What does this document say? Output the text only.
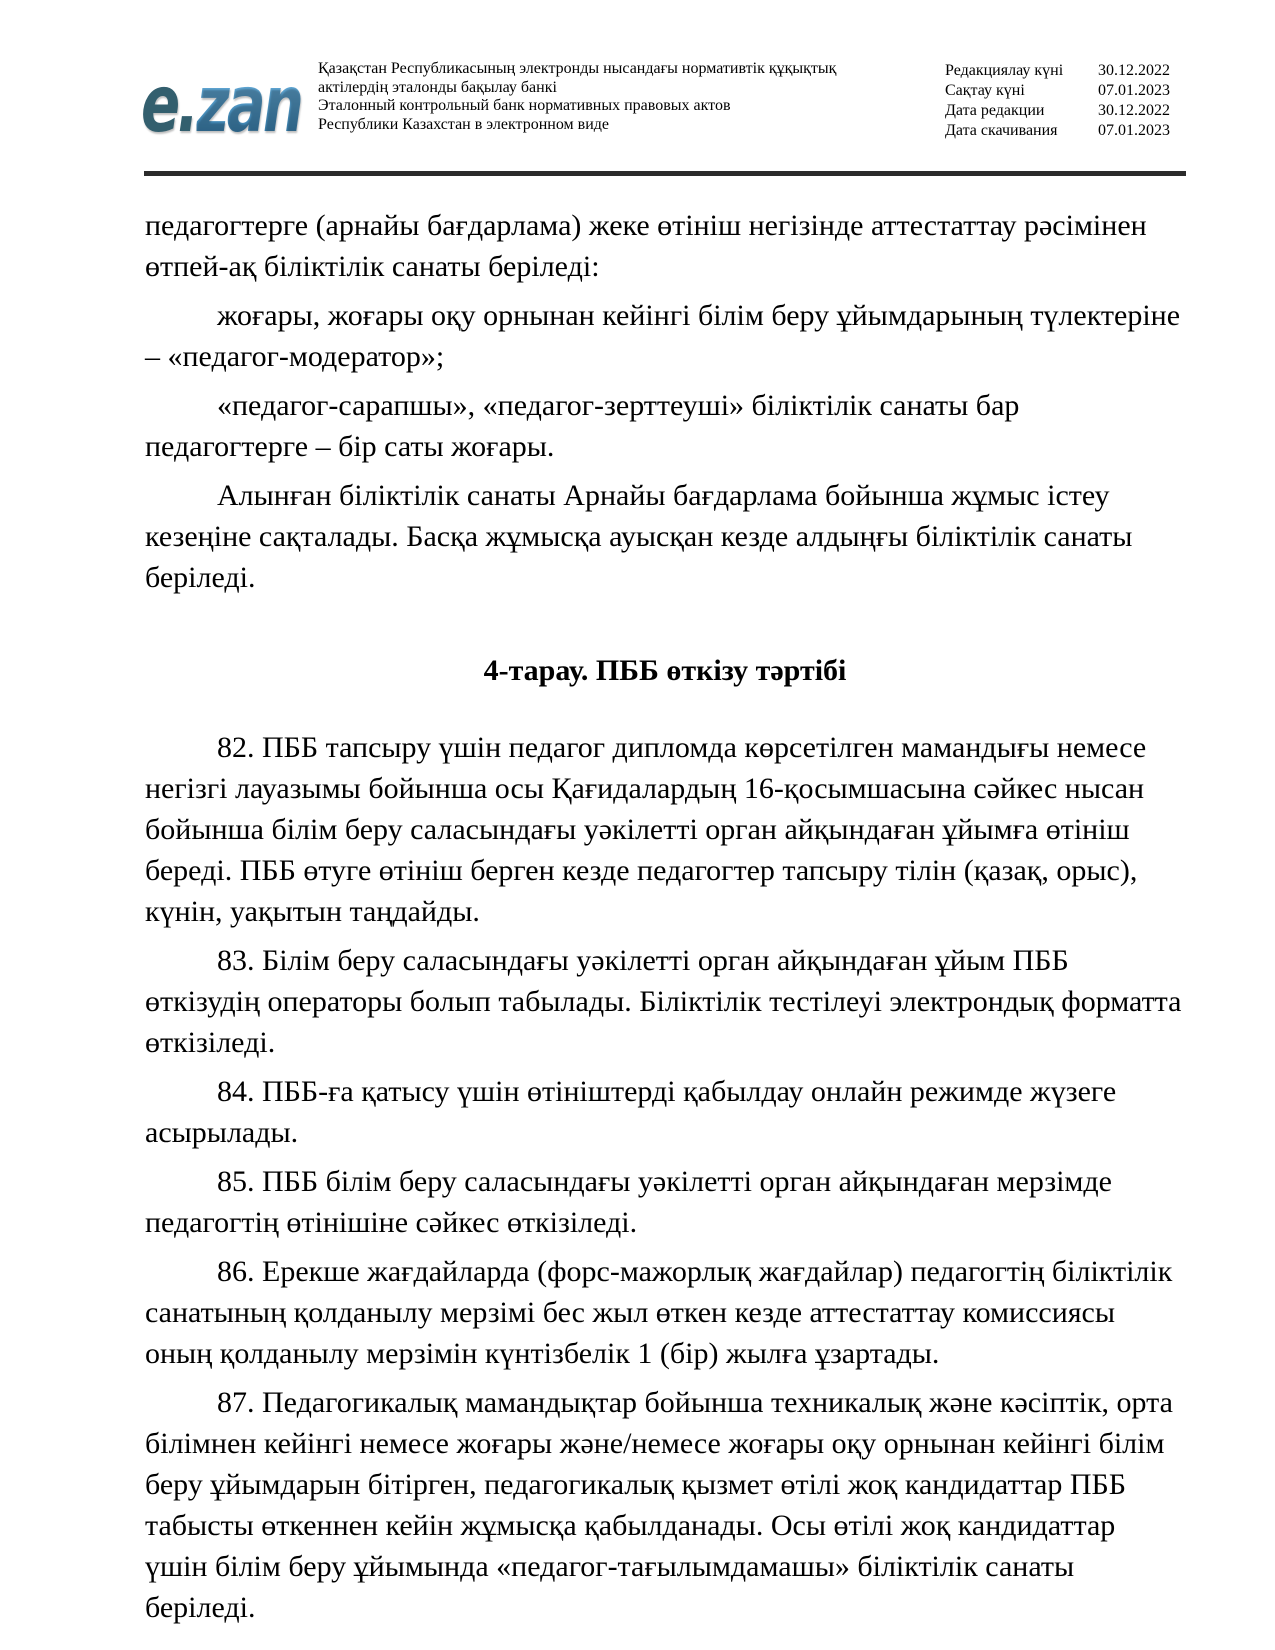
e. zan Қазақстан Республикасының электронды нысандағы нормативтік құқықтық
актілердің эталонды бақылау банкі
Эталонный контрольный банк нормативных правовых актов
Республики Казахстан в электронном виде
Редакциялау күні	30.12.2022
Сақтау күні	07.01.2023
Дата редакции	30.12.2022
Дата скачивания	07.01.2023
педагогтерге (арнайы бағдарлама) жеке өтініш негізінде аттестаттау рәсімінен өтпей-ақ біліктілік санаты беріледі:
жоғары, жоғары оқу орнынан кейінгі білім беру ұйымдарының түлектеріне – «педагог-модератор»;
«педагог-сарапшы», «педагог-зерттеуші» біліктілік санаты бар педагогтерге – бір саты жоғары.
Алынған біліктілік санаты Арнайы бағдарлама бойынша жұмыс істеу кезеңіне сақталады. Басқа жұмысқа ауысқан кезде алдыңғы біліктілік санаты беріледі.
4-тарау. ПББ өткізу тәртібі
82. ПББ тапсыру үшін педагог дипломда көрсетілген мамандығы немесе негізгі лауазымы бойынша осы Қағидалардың 16-қосымшасына сәйкес нысан бойынша білім беру саласындағы уәкілетті орган айқындаған ұйымға өтініш береді. ПББ өтуге өтініш берген кезде педагогтер тапсыру тілін (қазақ, орыс), күнін, уақытын таңдайды.
83. Білім беру саласындағы уәкілетті орган айқындаған ұйым ПББ өткізудің операторы болып табылады. Біліктілік тестілеуі электрондық форматта өткізіледі.
84. ПББ-ға қатысу үшін өтініштерді қабылдау онлайн режимде жүзеге асырылады.
85. ПББ білім беру саласындағы уәкілетті орган айқындаған мерзімде педагогтің өтінішіне сәйкес өткізіледі.
86. Ерекше жағдайларда (форс-мажорлық жағдайлар) педагогтің біліктілік санатының қолданылу мерзімі бес жыл өткен кезде аттестаттау комиссиясы оның қолданылу мерзімін күнтізбелік 1 (бір) жылға ұзартады.
87. Педагогикалық мамандықтар бойынша техникалық және кәсіптік, орта білімнен кейінгі немесе жоғары және/немесе жоғары оқу орнынан кейінгі білім беру ұйымдарын бітірген, педагогикалық қызмет өтілі жоқ кандидаттар ПББ табысты өткеннен кейін жұмысқа қабылданады. Осы өтілі жоқ кандидаттар үшін білім беру ұйымында «педагог-тағылымдамашы» біліктілік санаты беріледі.
